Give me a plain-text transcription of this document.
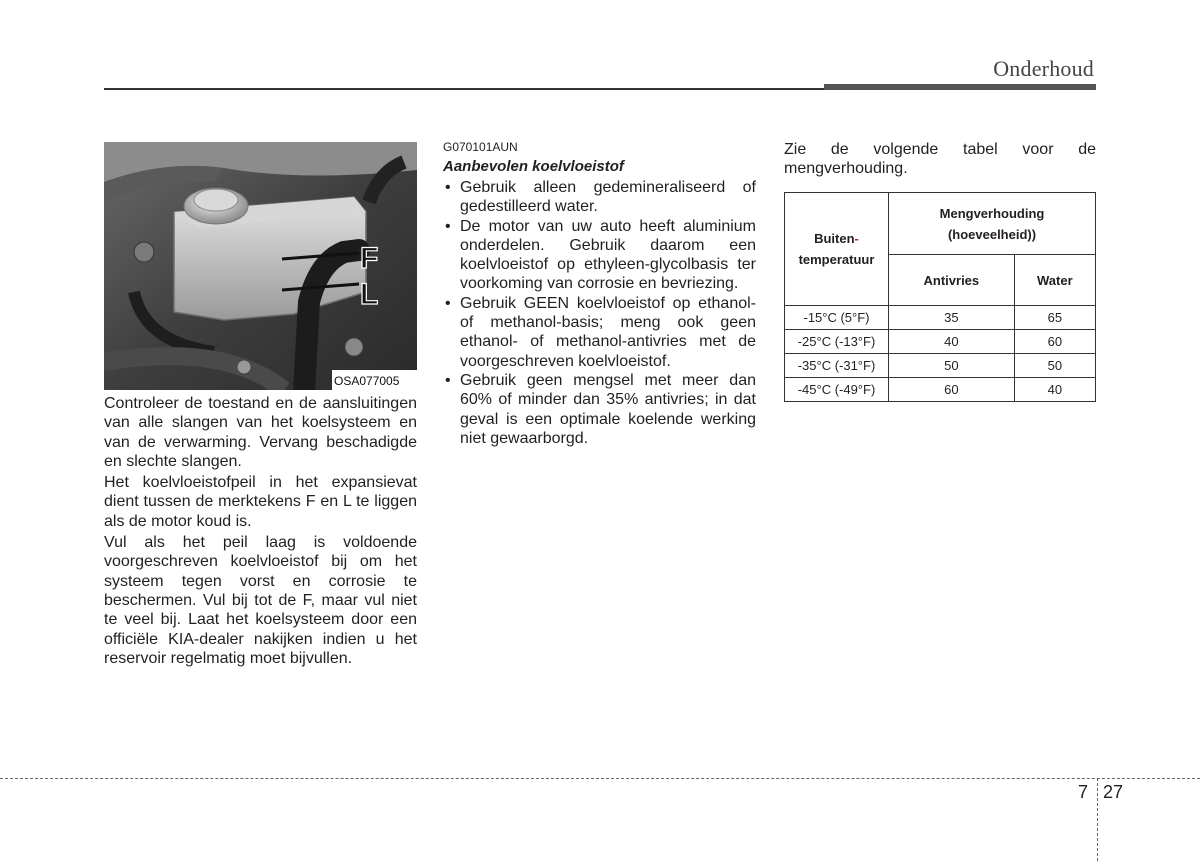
Onderhoud
F
L
OSA077005

Controleer de toestand en de aansluitingen van alle slangen van het koelsysteem en van de verwarming. Vervang beschadigde en slechte slangen.

Het koelvloeistofpeil in het expansievat dient tussen de merktekens F en L te liggen als de motor koud is.

Vul als het peil laag is voldoende voorgeschreven koelvloeistof bij om het systeem tegen vorst en corrosie te beschermen. Vul bij tot de F, maar vul niet te veel bij. Laat het koelsysteem door een officiële KIA-dealer nakijken indien u het reservoir regelmatig moet bijvullen.

G070101AUN
Aanbevolen koelvloeistof
• Gebruik alleen gedemineraliseerd of gedestilleerd water.
• De motor van uw auto heeft aluminium onderdelen. Gebruik daarom een koelvloeistof op ethyleen-glycolbasis ter voorkoming van corrosie en bevriezing.
• Gebruik GEEN koelvloeistof op ethanol- of methanol-basis; meng ook geen ethanol- of methanol-antivries met de voorgeschreven koelvloeistof.
• Gebruik geen mengsel met meer dan 60% of minder dan 35% antivries; in dat geval is een optimale koelende werking niet gewaarborgd.

Zie de volgende tabel voor de mengverhouding.

Buiten-
temperatuur	Mengverhouding
(hoeveelheid))	
	Antivries	Water
-15°C (5°F)	35	65
-25°C (-13°F)	40	60
-35°C (-31°F)	50	50
-45°C (-49°F)	60	40
7 27
